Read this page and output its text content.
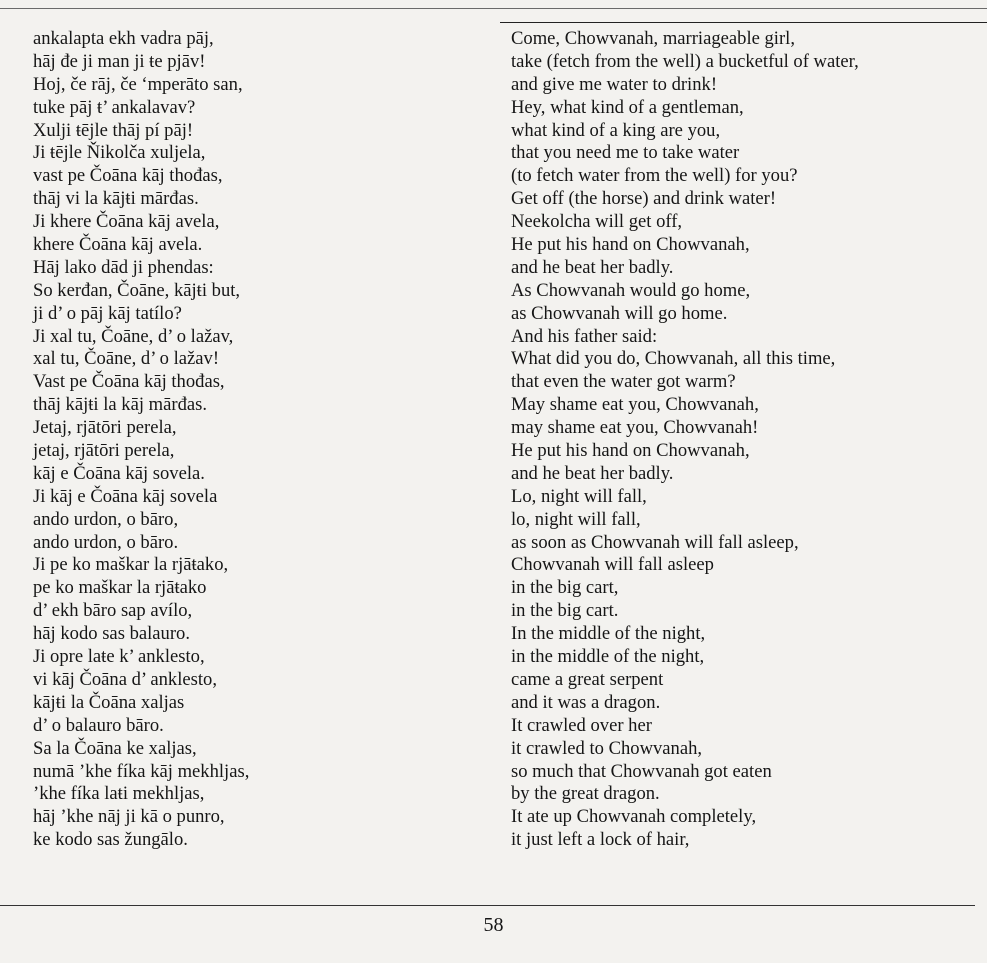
ankalapta ekh vadra pāj,
hāj đe ji man ji ŧe pjāv!
Hoj, če rāj, če ‘mperāto san,
tuke pāj ŧ’ ankalavav?
Xulji ŧējle thāj pí pāj!
Ji ŧējle Ňikolča xuljela,
vast pe Čoāna kāj thođas,
thāj vi la kājŧi mārđas.
Ji khere Čoāna kāj avela,
khere Čoāna kāj avela.
Hāj lako dād ji phendas:
So kerđan, Čoāne, kājŧi but,
ji d’ o pāj kāj tatílo?
Ji xal tu, Čoāne, d’ o lažav,
xal tu, Čoāne, d’ o lažav!
Vast pe Čoāna kāj thođas,
thāj kājŧi la kāj mārđas.
Jetaj, rjātōri perela,
jetaj, rjātōri perela,
kāj e Čoāna kāj sovela.
Ji kāj e Čoāna kāj sovela
ando urdon, o bāro,
ando urdon, o bāro.
Ji pe ko maškar la rjāŧako,
pe ko maškar la rjāŧako
d’ ekh bāro sap avílo,
hāj kodo sas balauro.
Ji opre laŧe k’ anklesto,
vi kāj Čoāna d’ anklesto,
kājŧi la Čoāna xaljas
d’ o balauro bāro.
Sa la Čoāna ke xaljas,
numā ’khe fíka kāj mekhljas,
’khe fíka laŧi mekhljas,
hāj ’khe nāj ji kā o punro,
ke kodo sas žungālo.
Come, Chowvanah, marriageable girl,
take (fetch from the well) a bucketful of water,
and give me water to drink!
Hey, what kind of a gentleman,
what kind of a king are you,
that you need me to take water
(to fetch water from the well) for you?
Get off (the horse) and drink water!
Neekolcha will get off,
He put his hand on Chowvanah,
and he beat her badly.
As Chowvanah would go home,
as Chowvanah will go home.
And his father said:
What did you do, Chowvanah, all this time,
that even the water got warm?
May shame eat you, Chowvanah,
may shame eat you, Chowvanah!
He put his hand on Chowvanah,
and he beat her badly.
Lo, night will fall,
lo, night will fall,
as soon as Chowvanah will fall asleep,
Chowvanah will fall asleep
in the big cart,
in the big cart.
In the middle of the night,
in the middle of the night,
came a great serpent
and it was a dragon.
It crawled over her
it crawled to Chowvanah,
so much that Chowvanah got eaten
by the great dragon.
It ate up Chowvanah completely,
it just left a lock of hair,
58
